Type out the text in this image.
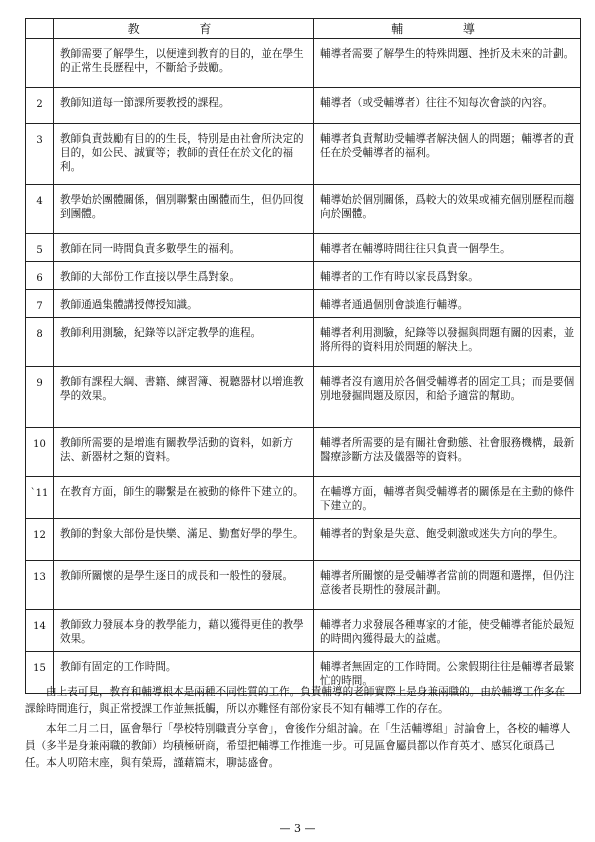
	教 育	輔 導
	教師需要了解學生，以便達到教育的目的，並在學生的正常生長歷程中，不斷給予鼓勵。	輔導者需要了解學生的特殊問題、挫折及未來的計劃。
2	教師知道每一節課所要教授的課程。	輔導者（或受輔導者）往往不知每次會談的內容。
3	教師負責鼓勵有目的的生長，特別是由社會所決定的目的，如公民、誠實等；教師的責任在於文化的福利。	輔導者負責幫助受輔導者解決個人的問題；輔導者的責任在於受輔導者的福利。
4	教學始於團體關係，個別聯繫由團體而生，但仍回復到團體。	輔導始於個別關係，爲較大的效果或補充個別歷程而趨向於團體。
5	教師在同一時間負責多數學生的福利。	輔導者在輔導時間往往只負責一個學生。
6	教師的大部份工作直接以學生爲對象。	輔導者的工作有時以家長爲對象。
7	教師通過集體講授傳授知識。	輔導者通過個別會談進行輔導。
8	教師利用測驗，紀錄等以評定教學的進程。	輔導者利用測驗，紀錄等以發掘與問題有關的因素，並將所得的資料用於問題的解決上。
9	教師有課程大綱、書籍、練習簿、視聽器材以增進教學的效果。	輔導者沒有適用於各個受輔導者的固定工具；而是要個別地發掘問題及原因，和給予適當的幫助。
10	教師所需要的是增進有關教學活動的資料，如新方法、新器材之類的資料。	輔導者所需要的是有關社會動態、社會服務機構，最新醫療診斷方法及儀器等的資料。
`11	在教育方面，師生的聯繫是在被動的條件下建立的。	在輔導方面，輔導者與受輔導者的關係是在主動的條件下建立的。
12	教師的對象大部份是快樂、滿足、勤奮好學的學生。	輔導者的對象是失意、飽受刺激或迷失方向的學生。
13	教師所關懷的是學生逐日的成長和一般性的發展。	輔導者所關懷的是受輔導者當前的問題和選擇，但仍注意後者長期性的發展計劃。
14	教師致力發展本身的教學能力，藉以獲得更佳的教學效果。	輔導者力求發展各種專家的才能，使受輔導者能於最短的時間內獲得最大的益處。
15	教師有固定的工作時間。	輔導者無固定的工作時間。公衆假期往往是輔導者最繁忙的時間。

由上表可見，教育和輔導根本是兩種不同性質的工作。負責輔導的老師實際上是身兼兩職的。由於輔導工作多在課餘時間進行，與正常授課工作並無抵觸，所以亦難怪有部份家長不知有輔導工作的存在。

本年二月二日，區會舉行「學校特別職責分享會」，會後作分組討論。在「生活輔導組」討論會上，各校的輔導人員（多半是身兼兩職的教師）均積極研商，希望把輔導工作推進一步。可見區會屬員都以作育英才、感冥化頑爲己任。本人叨陪末座，與有榮焉，謹藉篇末，聊誌盛會。

— 3 —
